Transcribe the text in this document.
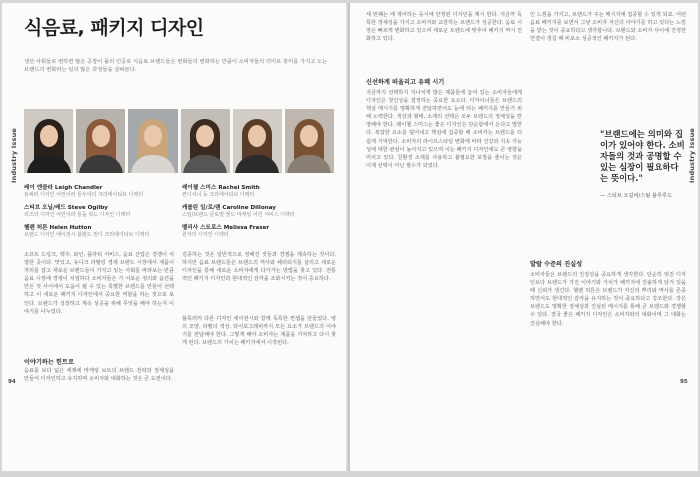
Industry Issue
식음료, 패키지 디자인
생산 사회들로 변하면 많은 공장이 플러 인공로 식음료 브랜드들은 변화들의 변화하는 만큼이 소비자들의 의미로 흥미를 가지고 노는 브랜드의 변화라는 임의 많은 과정들을 살펴본다.
레이 엔클라 Leigh Chandler
듀퍼러 디자인 어린이러 들우어의 크리에이티브 디렉터
레이첼 스미스 Rachel Smith
컨디셔너 등 크리에이티브 디렉터
스티브 오닐/레드 Steve Ogilby
리즈의 디자인 어린이러 들을 워드 디자인 디렉터
캐롤린 일/로/랜 Caroline Dillonay
스틸/브랜드 글로벌 앤드 마케팅 어린 서비스 디렉터
헬렌 허튼 Helen Hutton
브랜드 디자인 에이전시 블랜드 컨디 크리에이티브 디렉터
멜리사 스트로스 Melissa Fraser
원자의 디자인 디렉터

소프트 드링크, 맥주, 와인, 플라워 서비스, 음료 산업은 경쟁이 치열한 곳이다. 맛있고, 유니크 라벨링 경제 브랜드 시장에서 제품이 자리를 잡고 새로운 브랜드들이 가지고 있는 사회를 바라보는 만큼 음료 시장에 경쟁이 치열하다 소비자들은 가 서로운 정의와 옵션을 만든 것 사이에서 도움이 될 수 있는 특별한 브랜드를 만들어 선택하고 이 새로운 패키지 디자인에서 중요한 역할을 하는 것으로 보인다. 브랜드가 성장하고 계속 성공을 위해 무엇을 해야 하는지 이야기를 나누었다.

이야기하는 힌트로

음료를 보다 넓은 세계에 마케팅 보트의 브랜드 전략과 정체성을 만들어 디자인하고 유지하며 소비자와 대화하는 것은 큰 도전이다.

김종하는 것은 일반적으로 정해진 것들과 경쟁을 계속하는 것이다. 하지만 음료 브랜드들은 브랜드의 역사와 헤리티지를 살리고 새로운 디자인을 통해 새로운 소비자에게 다가가는 방법을 찾고 있다. 전통적인 패키지 디자인과 현대적인 감각을 조화시키는 것이 중요하다.

블록러커 다른 디자인 에이전시와 함께 독특한 컨셉을 만들었다. 병의 모양, 라벨의 색상, 타이포그래피까지 모든 요소가 브랜드의 이야기를 전달해야 한다. 그렇게 해야 소비자는 제품을 기억하고 다시 찾게 된다. 브랜드의 가치는 패키지에서 시작된다.

94
Industry Issue

세 번째는 에 제어하는 동시에 안정된 디자인을 제시 한다. 지금까 독특한 정체성을 가지고 소비자와 교감하는 브랜드가 성공한다. 음료 시장은 빠르게 변화하고 있으며 새로운 트렌드에 맞추어 패키지 역시 진화하고 있다.

신선하게 떠올리고 유쾌 시기

지금까지 선택하지 지나치게 많은 제품들에 놓여 있는 소비자들에게 디자인은 첫인상을 결정하는 중요한 요소다. 디자이너들은 브랜드의 핵심 메시지를 명확하게 전달하면서도 눈에 띄는 패키지를 만들기 위해 노력한다. 색상과 형태, 소재의 선택은 모두 브랜드의 정체성을 반영해야 한다. 레이첼 스미스는 좋은 디자인은 단순함에서 온다고 말한다. 복잡한 요소를 덜어내고 핵심에 집중할 때 소비자는 브랜드를 더 쉽게 기억한다. 소비자의 라이프스타일 변화에 따라 건강과 지속 가능성에 대한 관심이 높아지고 있으며 이는 패키지 디자인에도 큰 영향을 미치고 있다. 친환경 소재를 사용하고 불필요한 포장을 줄이는 것은 이제 선택이 아닌 필수가 되었다.

인 느낌을 가지고, 브랜드가 주는 메시지에 집중할 수 있게 되죠. 어떤 음료 패키지를 보면서 그냥 소비자 자신의 이야기를 하고 있다는 느낌을 받는 것이 중요하다고 생각합니다. 브랜드와 소비자 사이에 진정한 연결이 생길 때 비로소 성공적인 패키지가 된다.

"브랜드에는 의미와 집이가 있어야 한다. 소비자들의 것과 공명할 수 있는 심장이 필요하다는 뜻이다."
— 스티브 오길비/스틸 블루루드
발랄 수준의 진실성

소비자들은 브랜드의 진정성을 중요하게 생각한다. 단순히 멋진 디자인보다 브랜드가 가진 이야기와 가치가 패키지에 진솔하게 담겨 있을 때 신뢰가 생긴다. 헬렌 허튼은 브랜드가 자신의 뿌리와 역사를 존중하면서도 현대적인 감각을 유지하는 것이 중요하다고 강조한다. 작은 브랜드도 명확한 정체성과 진실된 메시지를 통해 큰 브랜드와 경쟁할 수 있다. 결국 좋은 패키지 디자인은 소비자와의 대화이며 그 대화는 진실해야 한다.

95
